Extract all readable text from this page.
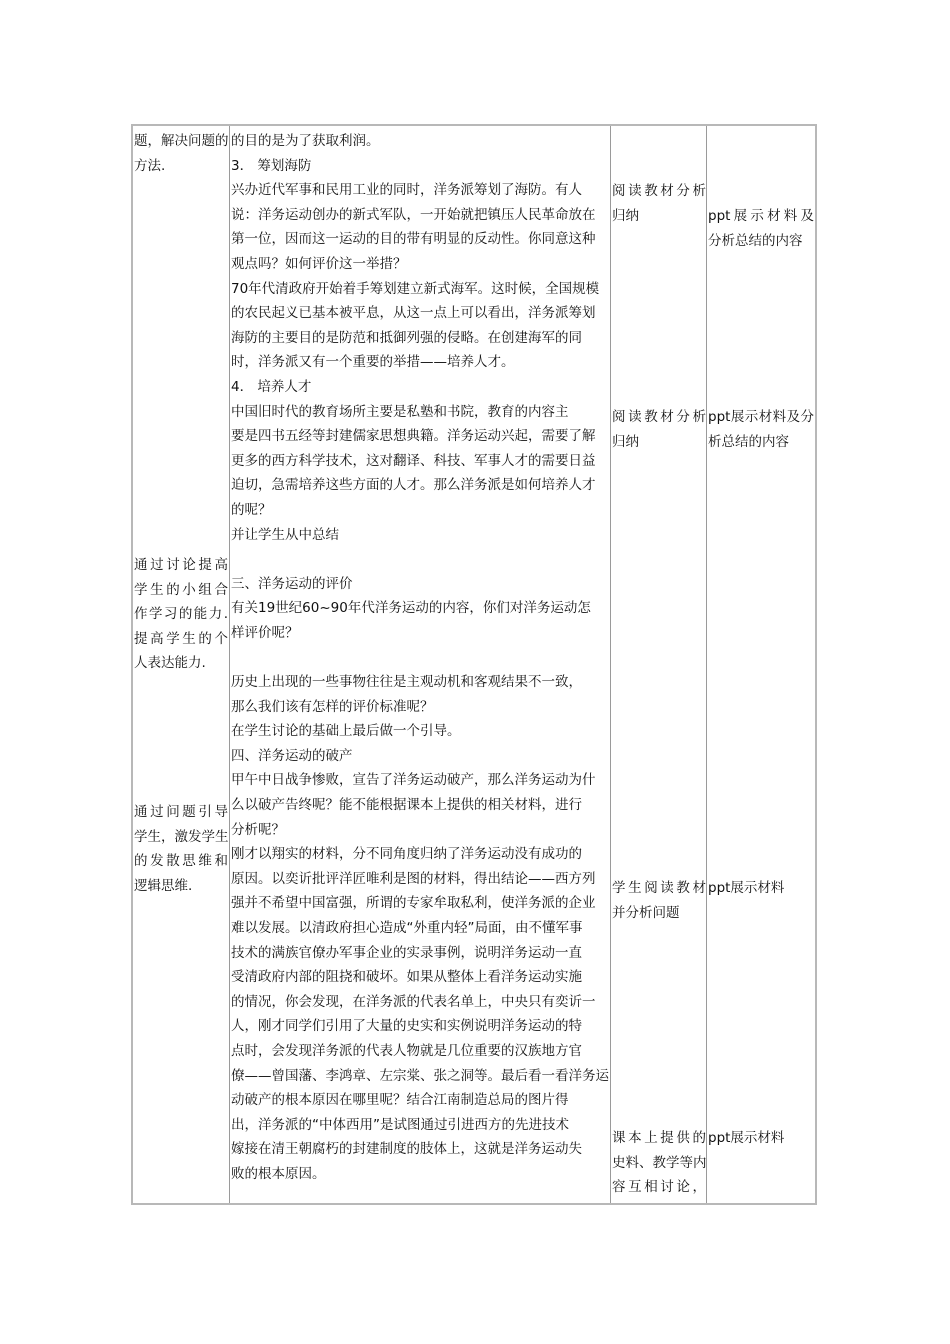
题，解决问题的
方法.
通过讨论提高
学生的小组合
作学习的能力.
提高学生的个
人表达能力.
通过问题引导
学生，激发学生
的发散思维和
逻辑思维.
的目的是为了获取利润。
3． 筹划海防
兴办近代军事和民用工业的同时，洋务派筹划了海防。有人
说：洋务运动创办的新式军队，一开始就把镇压人民革命放在
第一位，因而这一运动的目的带有明显的反动性。你同意这种
观点吗？如何评价这一举措？
70年代清政府开始着手筹划建立新式海军。这时候，全国规模
的农民起义已基本被平息，从这一点上可以看出，洋务派筹划
海防的主要目的是防范和抵御列强的侵略。在创建海军的同
时，洋务派又有一个重要的举措——培养人才。
4． 培养人才
中国旧时代的教育场所主要是私塾和书院，教育的内容主
要是四书五经等封建儒家思想典籍。洋务运动兴起，需要了解
更多的西方科学技术，这对翻译、科技、军事人才的需要日益
迫切，急需培养这些方面的人才。那么洋务派是如何培养人才
的呢？
并让学生从中总结

三、洋务运动的评价
有关19世纪60~90年代洋务运动的内容，你们对洋务运动怎
样评价呢？

历史上出现的一些事物往往是主观动机和客观结果不一致，
那么我们该有怎样的评价标准呢？
在学生讨论的基础上最后做一个引导。
四、洋务运动的破产
甲午中日战争惨败，宣告了洋务运动破产，那么洋务运动为什
么以破产告终呢？能不能根据课本上提供的相关材料，进行
分析呢？
刚才以翔实的材料，分不同角度归纳了洋务运动没有成功的
原因。以奕䜣批评洋匠唯利是图的材料，得出结论——西方列
强并不希望中国富强，所谓的专家牟取私利，使洋务派的企业
难以发展。以清政府担心造成“外重内轻”局面，由不懂军事
技术的满族官僚办军事企业的实录事例，说明洋务运动一直
受清政府内部的阻挠和破坏。如果从整体上看洋务运动实施
的情况，你会发现，在洋务派的代表名单上，中央只有奕䜣一
人，刚才同学们引用了大量的史实和实例说明洋务运动的特
点时，会发现洋务派的代表人物就是几位重要的汉族地方官
僚——曾国藩、李鸿章、左宗棠、张之洞等。最后看一看洋务运
动破产的根本原因在哪里呢？结合江南制造总局的图片得
出，洋务派的“中体西用”是试图通过引进西方的先进技术
嫁接在清王朝腐朽的封建制度的肢体上，这就是洋务运动失
败的根本原因。
阅读教材分析
归纳
阅读教材分析
归纳
学生阅读教材
并分析问题
课本上提供的
史料、教学等内
容互相讨论，
ppt展示材料及
分析总结的内容
ppt展示材料及分
析总结的内容
ppt展示材料
ppt展示材料
